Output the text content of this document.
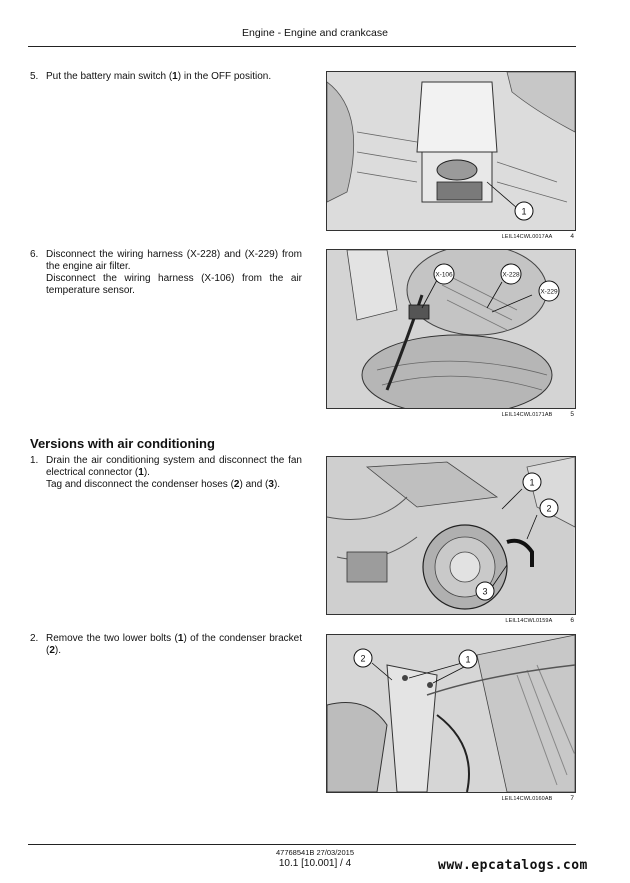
Engine - Engine and crankcase
5. Put the battery main switch (1) in the OFF position.
1
LEIL14CWL0017AA	4
6. Disconnect the wiring harness (X-228) and (X-229) from the engine air filter.
Disconnect the wiring harness (X-106) from the air temperature sensor.
X-106	X-228
X-229
LEIL14CWL0171AB	5
Versions with air conditioning
1. Drain the air conditioning system and disconnect the fan electrical connector (1).
Tag and disconnect the condenser hoses (2) and (3).	1
2
3
LEIL14CWL0159A	6
2. Remove the two lower bolts (1) of the condenser bracket (2).
2	1
LEIL14CWL0160AB	7
47768541B 27/03/2015
10.1 [10.001] / 4	www.epcatalogs.com
